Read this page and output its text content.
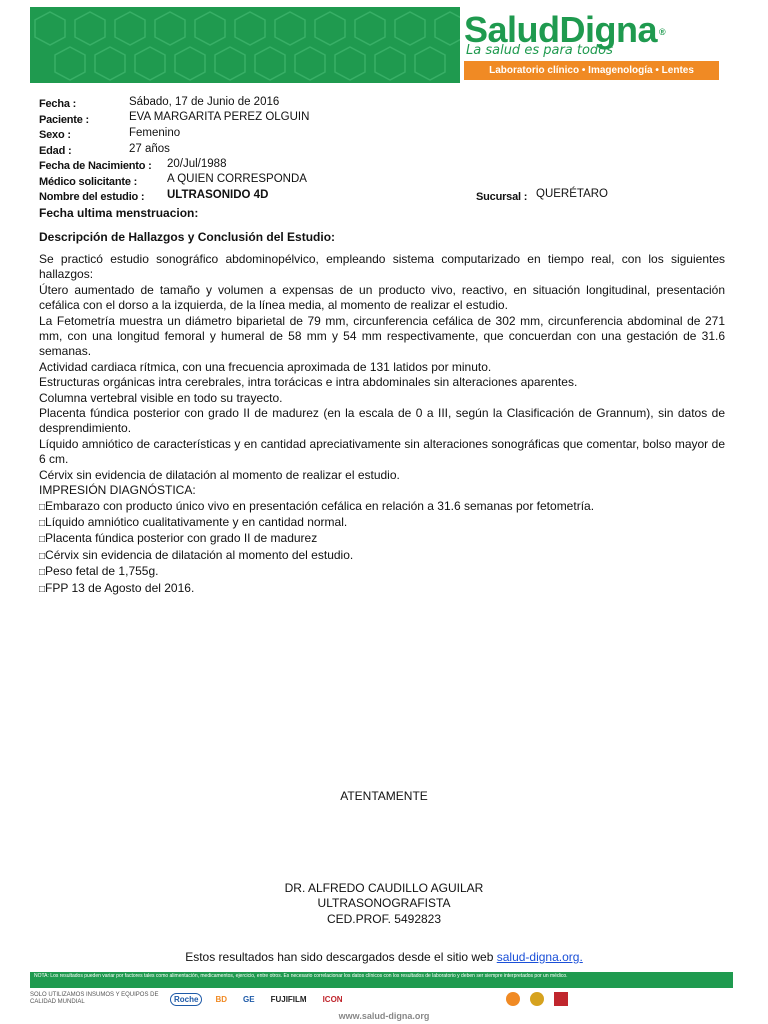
SaludDigna ®
La salud es para todos
Laboratorio clínico • Imagenología • Lentes
Fecha :	Sábado, 17 de Junio de 2016
Paciente :	EVA MARGARITA PEREZ OLGUIN
Sexo :	Femenino
Edad :	27 años
Fecha de Nacimiento : 20/Jul/1988
Médico solicitante :	A QUIEN CORRESPONDA
Nombre del estudio : ULTRASONIDO 4D	Sucursal : QUERÉTARO
Fecha ultima menstruacion:
Descripción de Hallazgos y Conclusión del Estudio:

Se practicó estudio sonográfico abdominopélvico, empleando sistema computarizado en tiempo real, con los siguientes hallazgos:

Útero aumentado de tamaño y volumen a expensas de un producto vivo, reactivo, en situación longitudinal, presentación cefálica con el dorso a la izquierda, de la línea media, al momento de realizar el estudio.

La Fetometría muestra un diámetro biparietal de 79 mm, circunferencia cefálica de 302 mm, circunferencia abdominal de 271 mm, con una longitud femoral y humeral de 58 mm y 54 mm respectivamente, que concuerdan con una gestación de 31.6 semanas.

Actividad cardiaca rítmica, con una frecuencia aproximada de 131 latidos por minuto.

Estructuras orgánicas intra cerebrales, intra torácicas e intra abdominales sin alteraciones aparentes.

Columna vertebral visible en todo su trayecto.

Placenta fúndica posterior con grado II de madurez (en la escala de 0 a III, según la Clasificación de Grannum), sin datos de desprendimiento.

Líquido amniótico de características y en cantidad apreciativamente sin alteraciones sonográficas que comentar, bolso mayor de 6 cm.

Cérvix sin evidencia de dilatación al momento de realizar el estudio.

IMPRESIÓN DIAGNÓSTICA:

□ Embarazo con producto único vivo en presentación cefálica en relación a 31.6 semanas por fetometría.
□ Líquido amniótico cualitativamente y en cantidad normal.
□ Placenta fúndica posterior con grado II de madurez
□ Cérvix sin evidencia de dilatación al momento del estudio.
□ Peso fetal de 1,755g.
□ FPP 13 de Agosto del 2016.
ATENTAMENTE
DR. ALFREDO CAUDILLO AGUILAR
ULTRASONOGRAFISTA
CED.PROF. 5492823
Estos resultados han sido descargados desde el sitio web salud-digna.org.
NOTA: Los resultados pueden variar por factores tales como alimentación, medicamentos, ejercicio, entre otros. Es necesario correlacionar los datos clínicos con los resultados de laboratorio y deben ser siempre interpretados por un médico.
SOLO UTILIZAMOS INSUMOS Y EQUIPOS DE CALIDAD MUNDIAL	Roche	BD	GE	FUJIFILM	ICON
www.salud-digna.org
